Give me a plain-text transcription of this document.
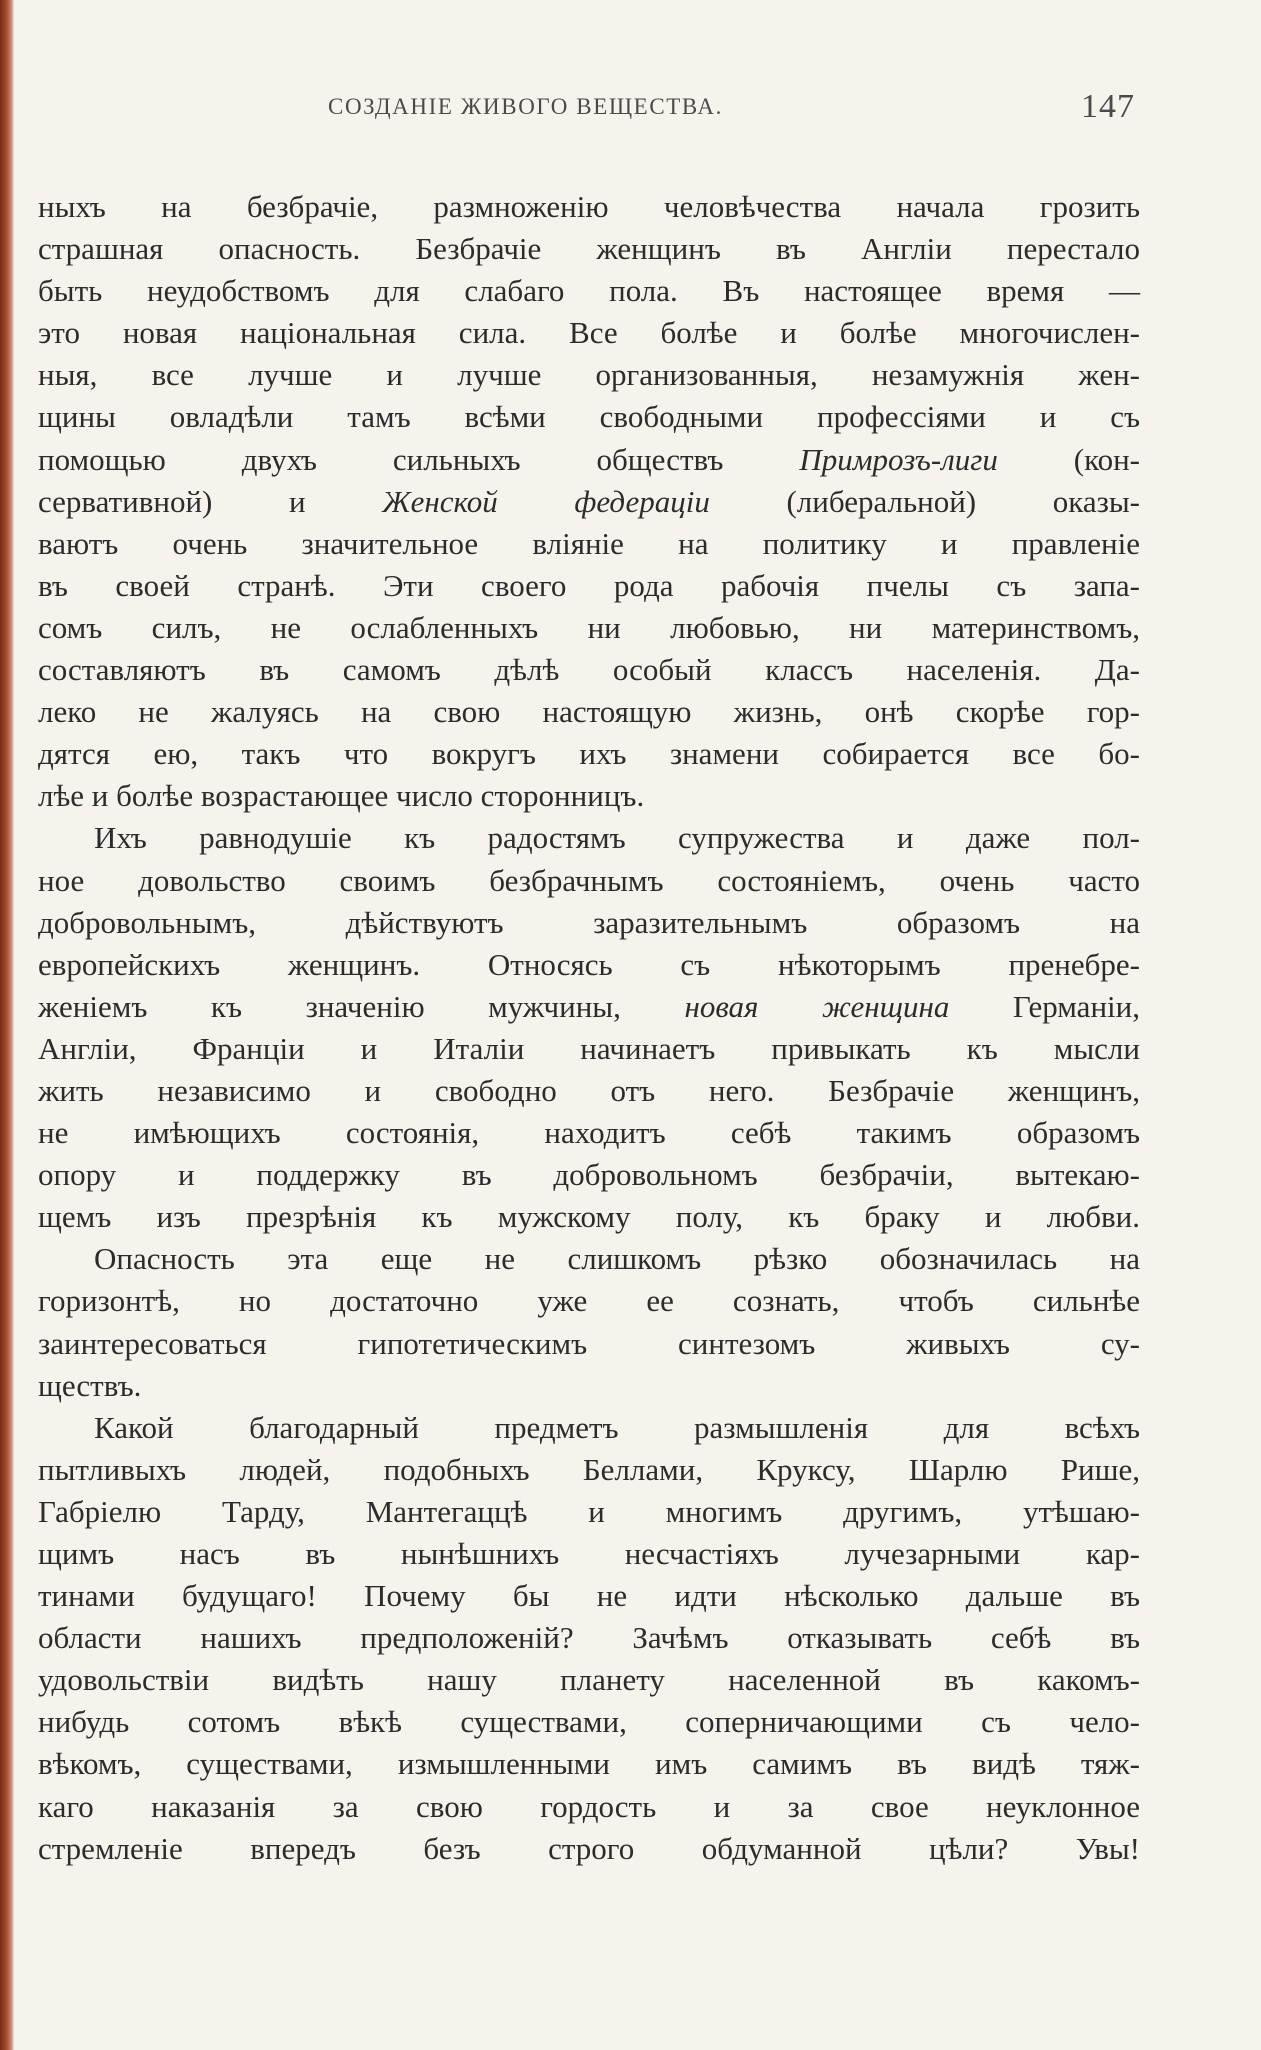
СОЗДАНІЕ ЖИВОГО ВЕЩЕСТВА.	147
ныхъ на безбрачіе, размноженію человѣчества начала грозить
страшная опасность. Безбрачіе женщинъ въ Англіи перестало
быть неудобствомъ для слабаго пола. Въ настоящее время —
это новая національная сила. Все болѣе и болѣе многочислен-
ныя, все лучше и лучше организованныя, незамужнія жен-
щины овладѣли тамъ всѣми свободными профессіями и съ
помощью двухъ сильныхъ обществъ Примрозъ-лиги (кон-
сервативной) и Женской федераціи (либеральной) оказы-
ваютъ очень значительное вліяніе на политику и правленіе
въ своей странѣ. Эти своего рода рабочія пчелы съ запа-
сомъ силъ, не ослабленныхъ ни любовью, ни материнствомъ,
составляютъ въ самомъ дѣлѣ особый классъ населенія. Да-
леко не жалуясь на свою настоящую жизнь, онѣ скорѣе гор-
дятся ею, такъ что вокругъ ихъ знамени собирается все бо-
лѣе и болѣе возрастающее число сторонницъ.
Ихъ равнодушіе къ радостямъ супружества и даже пол-
ное довольство своимъ безбрачнымъ состояніемъ, очень часто
добровольнымъ, дѣйствуютъ заразительнымъ образомъ на
европейскихъ женщинъ. Относясь съ нѣкоторымъ пренебре-
женіемъ къ значенію мужчины, новая женщина Германіи,
Англіи, Франціи и Италіи начинаетъ привыкать къ мысли
жить независимо и свободно отъ него. Безбрачіе женщинъ,
не имѣющихъ состоянія, находитъ себѣ такимъ образомъ
опору и поддержку въ добровольномъ безбрачіи, вытекаю-
щемъ изъ презрѣнія къ мужскому полу, къ браку и любви.
Опасность эта еще не слишкомъ рѣзко обозначилась на
горизонтѣ, но достаточно уже ее сознать, чтобъ сильнѣе
заинтересоваться гипотетическимъ синтезомъ живыхъ су-
ществъ.
Какой благодарный предметъ размышленія для всѣхъ
пытливыхъ людей, подобныхъ Беллами, Круксу, Шарлю Рише,
Габріелю Тарду, Мантегаццѣ и многимъ другимъ, утѣшаю-
щимъ насъ въ нынѣшнихъ несчастіяхъ лучезарными кар-
тинами будущаго! Почему бы не идти нѣсколько дальше въ
области нашихъ предположеній? Зачѣмъ отказывать себѣ въ
удовольствіи видѣть нашу планету населенной въ какомъ-
нибудь сотомъ вѣкѣ существами, соперничающими съ чело-
вѣкомъ, существами, измышленными имъ самимъ въ видѣ тяж-
каго наказанія за свою гордость и за свое неуклонное
стремленіе впередъ безъ строго обдуманной цѣли? Увы!
